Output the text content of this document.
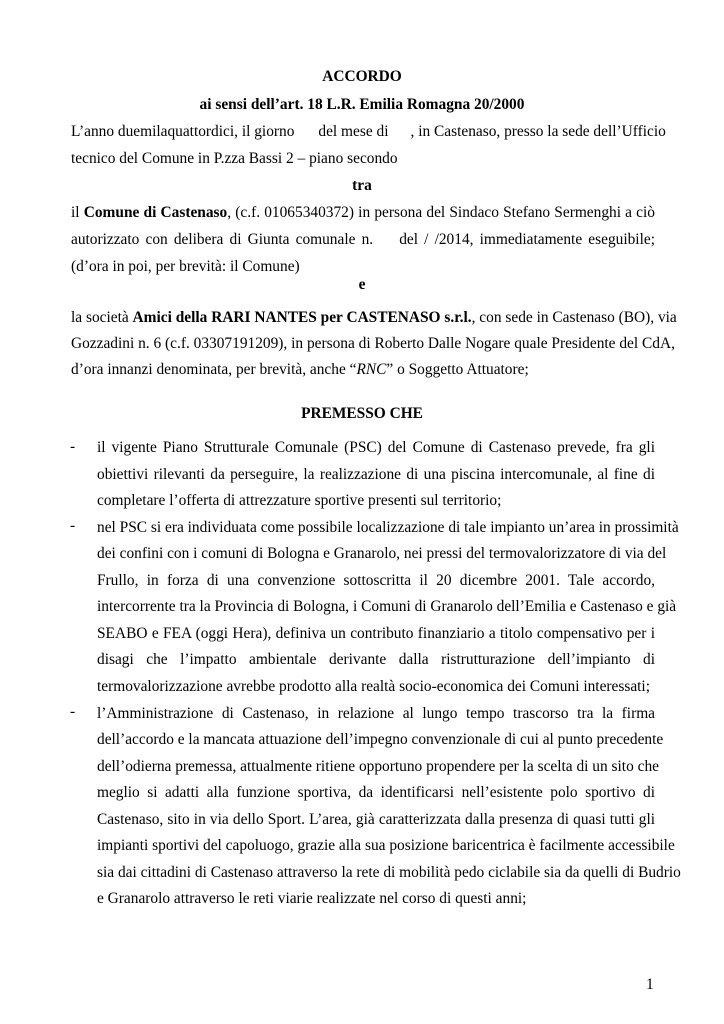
ACCORDO
ai sensi dell’art. 18 L.R. Emilia Romagna 20/2000
L’anno duemilaquattordici, il giorno del mese di , in Castenaso, presso la sede dell’Ufficio
tecnico del Comune in P.zza Bassi 2 – piano secondo
tra
il Comune di Castenaso, (c.f. 01065340372) in persona del Sindaco Stefano Sermenghi a ciò
autorizzato con delibera di Giunta comunale n. del / /2014, immediatamente eseguibile;
(d’ora in poi, per brevità: il Comune)
e
la società Amici della RARI NANTES per CASTENASO s.r.l., con sede in Castenaso (BO), via
Gozzadini n. 6 (c.f. 03307191209), in persona di Roberto Dalle Nogare quale Presidente del CdA,
d’ora innanzi denominata, per brevità, anche “RNC” o Soggetto Attuatore;
PREMESSO CHE
- il vigente Piano Strutturale Comunale (PSC) del Comune di Castenaso prevede, fra gli
obiettivi rilevanti da perseguire, la realizzazione di una piscina intercomunale, al fine di
completare l’offerta di attrezzature sportive presenti sul territorio;
- nel PSC si era individuata come possibile localizzazione di tale impianto un’area in prossimità
dei confini con i comuni di Bologna e Granarolo, nei pressi del termovalorizzatore di via del
Frullo, in forza di una convenzione sottoscritta il 20 dicembre 2001. Tale accordo,
intercorrente tra la Provincia di Bologna, i Comuni di Granarolo dell’Emilia e Castenaso e già
SEABO e FEA (oggi Hera), definiva un contributo finanziario a titolo compensativo per i
disagi che l’impatto ambientale derivante dalla ristrutturazione dell’impianto di
termovalorizzazione avrebbe prodotto alla realtà socio-economica dei Comuni interessati;
- l’Amministrazione di Castenaso, in relazione al lungo tempo trascorso tra la firma
dell’accordo e la mancata attuazione dell’impegno convenzionale di cui al punto precedente
dell’odierna premessa, attualmente ritiene opportuno propendere per la scelta di un sito che
meglio si adatti alla funzione sportiva, da identificarsi nell’esistente polo sportivo di
Castenaso, sito in via dello Sport. L’area, già caratterizzata dalla presenza di quasi tutti gli
impianti sportivi del capoluogo, grazie alla sua posizione baricentrica è facilmente accessibile
sia dai cittadini di Castenaso attraverso la rete di mobilità pedo ciclabile sia da quelli di Budrio
e Granarolo attraverso le reti viarie realizzate nel corso di questi anni;
1
